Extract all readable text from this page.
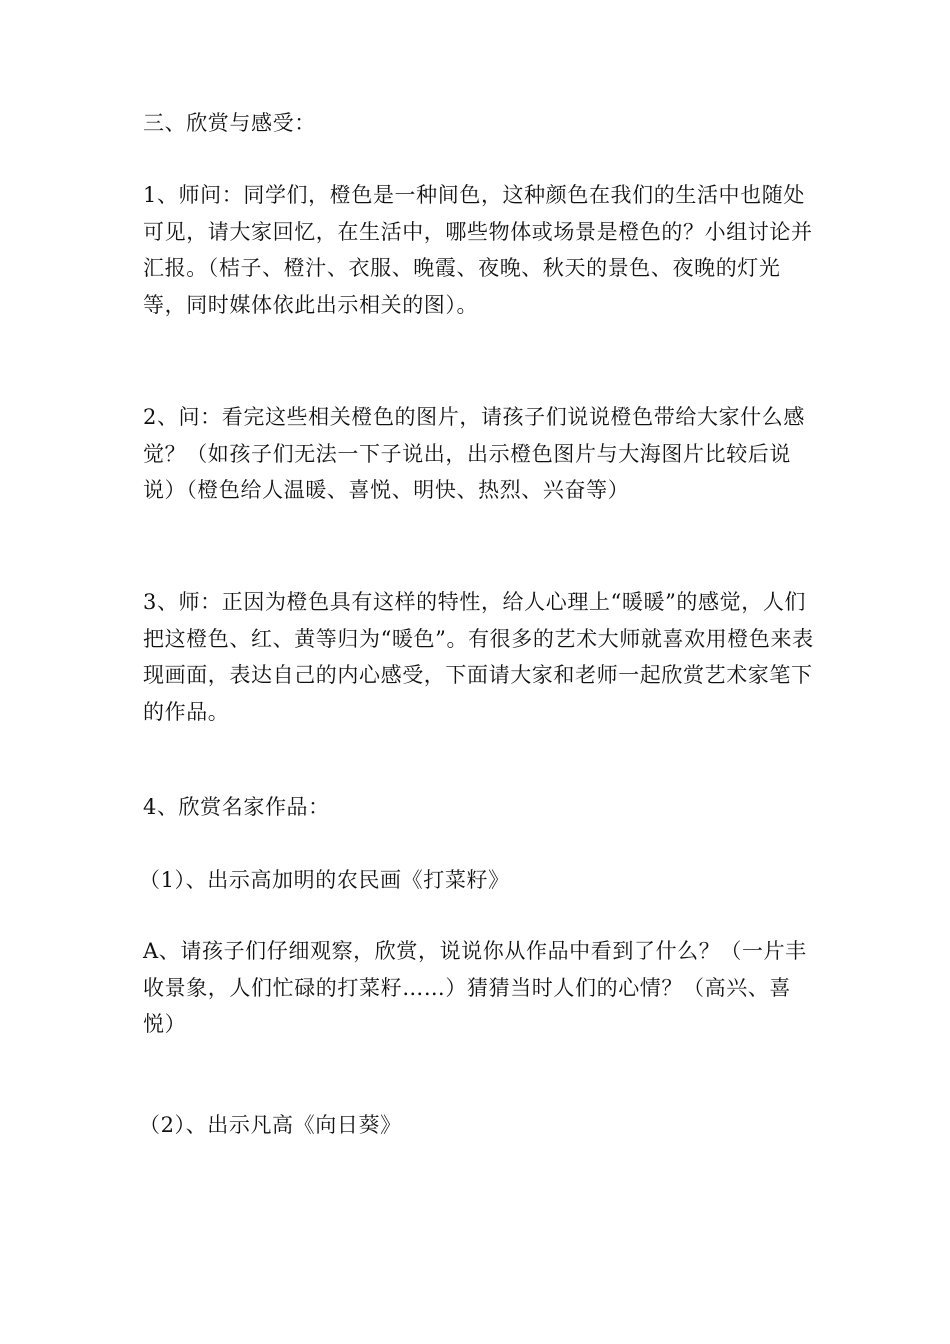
三、欣赏与感受：

1、师问：同学们，橙色是一种间色，这种颜色在我们的生活中也随处可见，请大家回忆，在生活中，哪些物体或场景是橙色的？小组讨论并汇报。（桔子、橙汁、衣服、晚霞、夜晚、秋天的景色、夜晚的灯光等，同时媒体依此出示相关的图）。

2、问：看完这些相关橙色的图片，请孩子们说说橙色带给大家什么感觉？（如孩子们无法一下子说出，出示橙色图片与大海图片比较后说说）（橙色给人温暖、喜悦、明快、热烈、兴奋等）

3、师：正因为橙色具有这样的特性，给人心理上“暖暖”的感觉，人们把这橙色、红、黄等归为“暖色”。有很多的艺术大师就喜欢用橙色来表现画面，表达自己的内心感受，下面请大家和老师一起欣赏艺术家笔下的作品。

4、欣赏名家作品：

（1）、出示高加明的农民画《打菜籽》

A、请孩子们仔细观察，欣赏，说说你从作品中看到了什么？（一片丰收景象，人们忙碌的打菜籽……）猜猜当时人们的心情？（高兴、喜悦）

（2）、出示凡高《向日葵》
